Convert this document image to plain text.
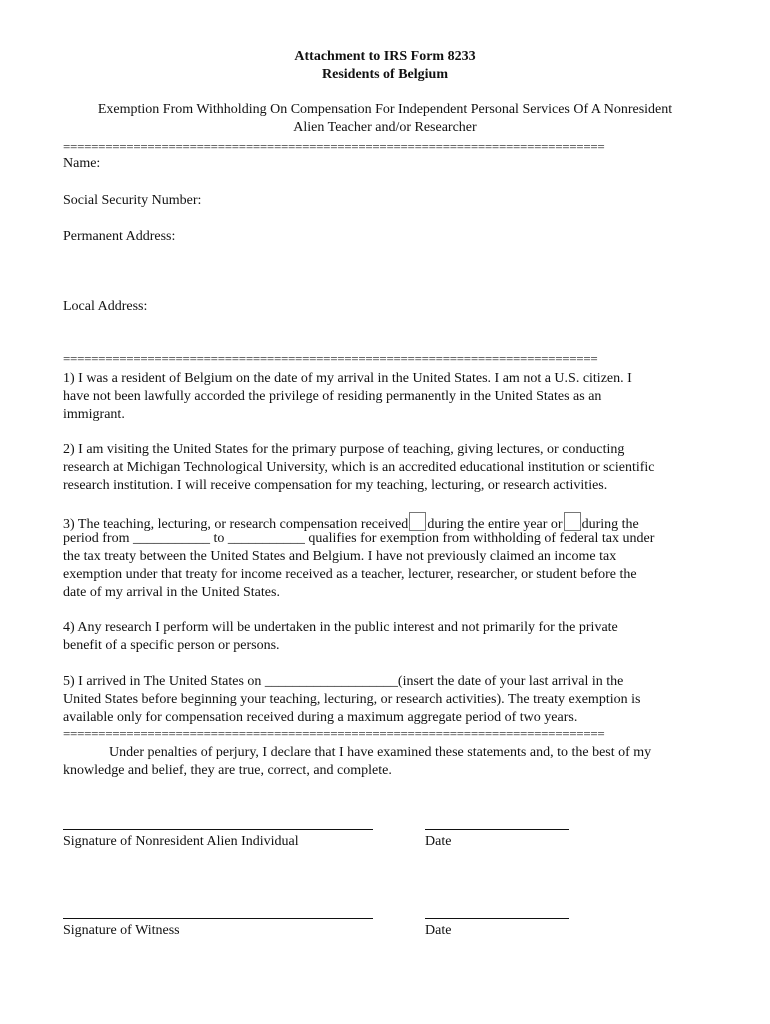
Attachment to IRS Form 8233
Residents of Belgium
Exemption From Withholding On Compensation For Independent Personal Services Of A Nonresident
Alien Teacher and/or Researcher
=============================================================================
Name:
Social Security Number:
Permanent Address:
Local Address:
============================================================================
1) I was a resident of Belgium on the date of my arrival in the United States. I am not a U.S. citizen. I
have not been lawfully accorded the privilege of residing permanently in the United States as an
immigrant.
2) I am visiting the United States for the primary purpose of teaching, giving lectures, or conducting
research at Michigan Technological University, which is an accredited educational institution or scientific
research institution. I will receive compensation for my teaching, lecturing, or research activities.
3) The teaching, lecturing, or research compensation received during the entire year or during the
period from ___________ to ___________ qualifies for exemption from withholding of federal tax under
the tax treaty between the United States and Belgium. I have not previously claimed an income tax
exemption under that treaty for income received as a teacher, lecturer, researcher, or student before the
date of my arrival in the United States.
4) Any research I perform will be undertaken in the public interest and not primarily for the private
benefit of a specific person or persons.
5) I arrived in The United States on ___________________(insert the date of your last arrival in the
United States before beginning your teaching, lecturing, or research activities). The treaty exemption is
available only for compensation received during a maximum aggregate period of two years.
=============================================================================
Under penalties of perjury, I declare that I have examined these statements and, to the best of my
knowledge and belief, they are true, correct, and complete.
Signature of Nonresident Alien Individual	Date
Signature of Witness	Date
